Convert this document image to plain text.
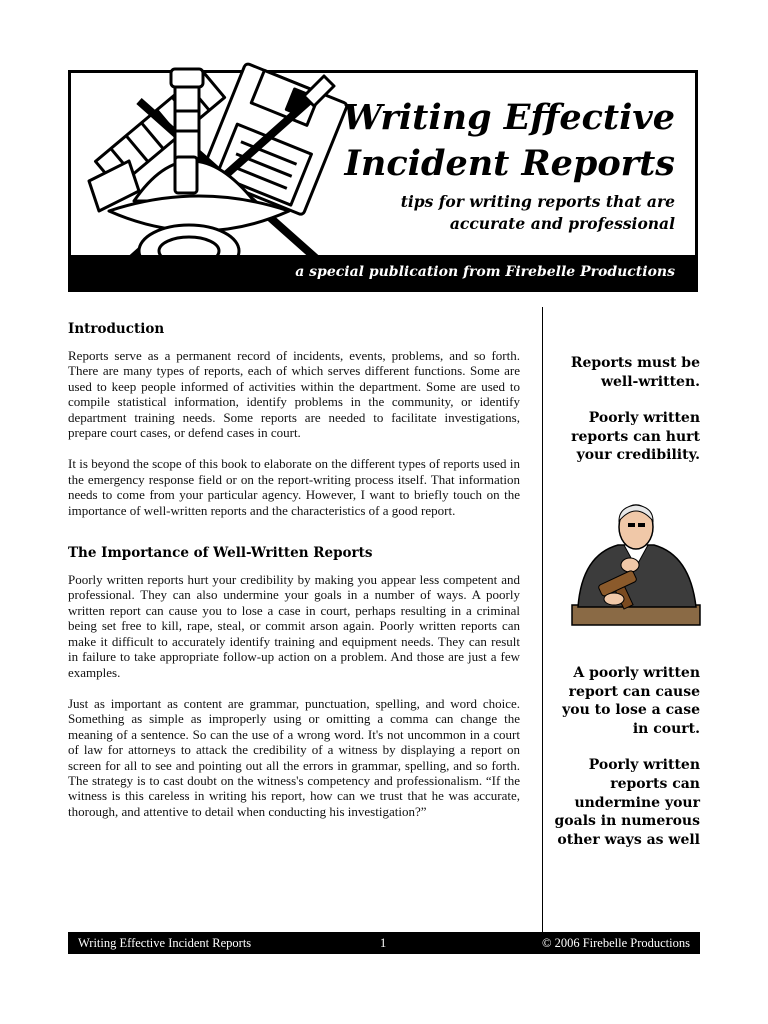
Writing Effective
Incident Reports

tips for writing reports that are accurate and professional

a special publication from Firebelle Productions

Introduction

Reports serve as a permanent record of incidents, events, problems, and so forth. There are many types of reports, each of which serves different functions. Some are used to keep people informed of activities within the department. Some are used to compile statistical information, identify problems in the community, or identify department training needs. Some reports are needed to facilitate investigations, prepare court cases, or defend cases in court.

It is beyond the scope of this book to elaborate on the different types of reports used in the emergency response field or on the report-writing process itself. That information needs to come from your particular agency. However, I want to briefly touch on the importance of well-written reports and the characteristics of a good report.

The Importance of Well-Written Reports

Poorly written reports hurt your credibility by making you appear less competent and professional. They can also undermine your goals in a number of ways. A poorly written report can cause you to lose a case in court, perhaps resulting in a criminal being set free to kill, rape, steal, or commit arson again. Poorly written reports can make it difficult to accurately identify training and equipment needs. They can result in failure to take appropriate follow-up action on a problem. And those are just a few examples.

Just as important as content are grammar, punctuation, spelling, and word choice. Something as simple as improperly using or omitting a comma can change the meaning of a sentence. So can the use of a wrong word. It's not uncommon in a court of law for attorneys to attack the credibility of a witness by displaying a report on screen for all to see and pointing out all the errors in grammar, spelling, and so forth. The strategy is to cast doubt on the witness's competency and professionalism. “If the witness is this careless in writing his report, how can we trust that he was accurate, thorough, and attentive to detail when conducting his investigation?”

Reports must be well-written.

Poorly written reports can hurt your credibility.

A poorly written report can cause you to lose a case in court.

Poorly written reports can undermine your goals in numerous other ways as well

Writing Effective Incident Reports	1	© 2006 Firebelle Productions
